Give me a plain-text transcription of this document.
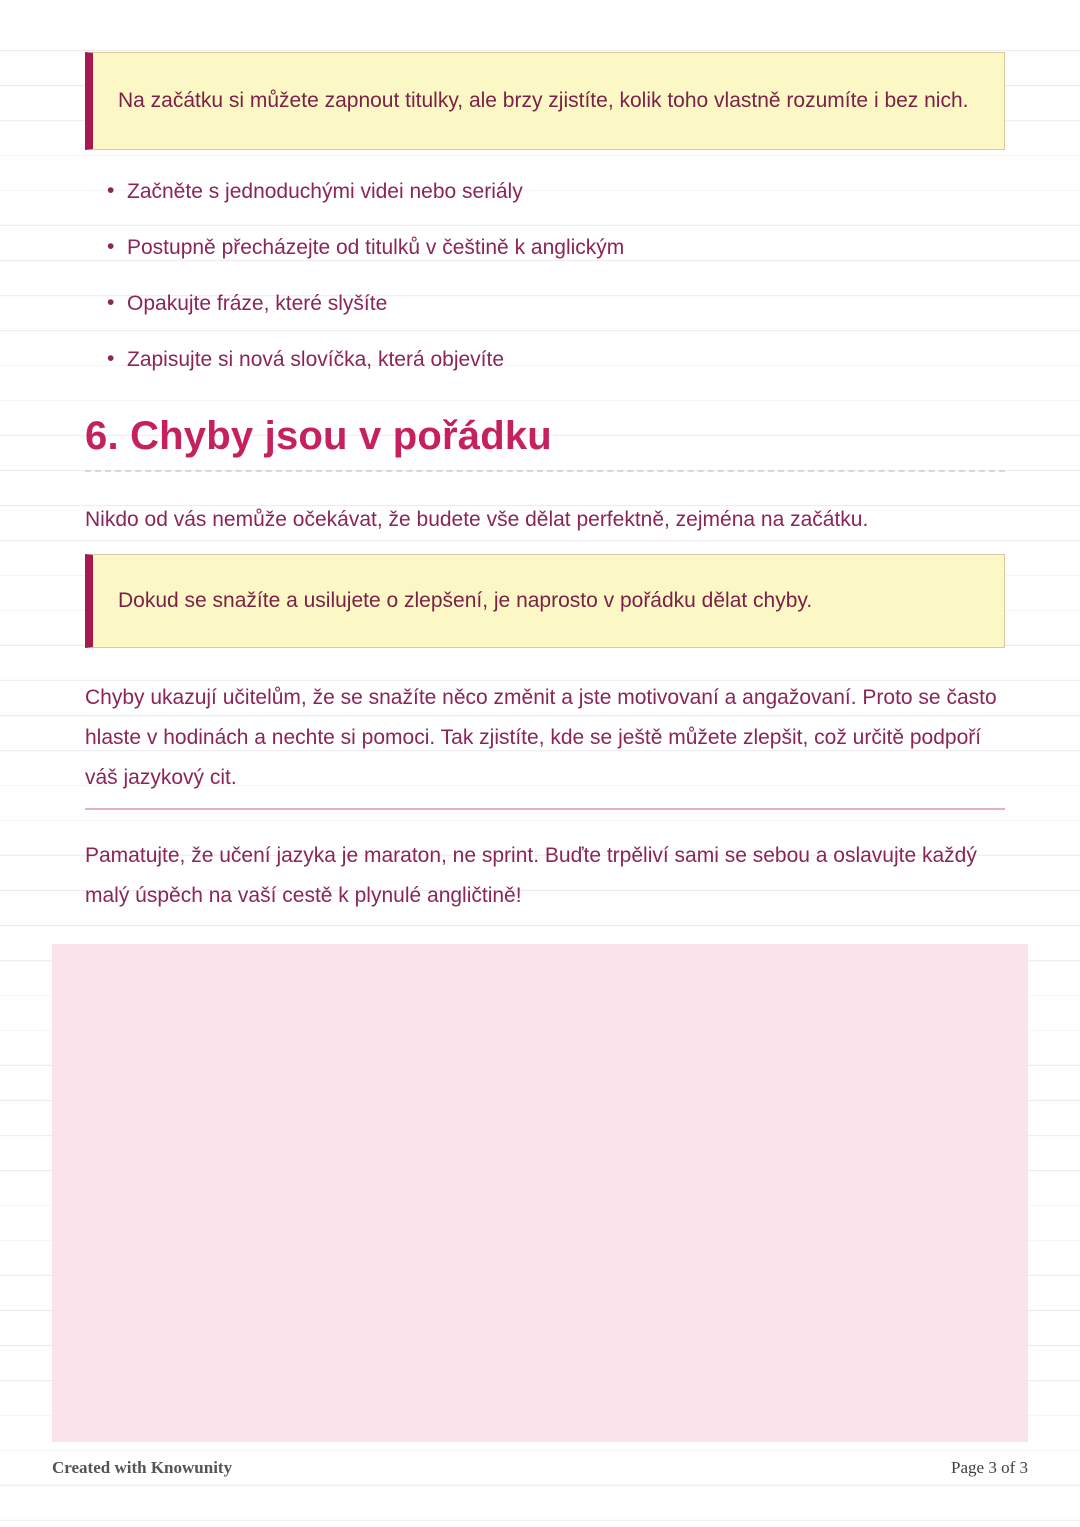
Na začátku si můžete zapnout titulky, ale brzy zjistíte, kolik toho vlastně rozumíte i bez nich.

• Začněte s jednoduchými videi nebo seriály
• Postupně přecházejte od titulků v češtině k anglickým
• Opakujte fráze, které slyšíte
• Zapisujte si nová slovíčka, která objevíte
6. Chyby jsou v pořádku

Nikdo od vás nemůže očekávat, že budete vše dělat perfektně, zejména na začátku.

Dokud se snažíte a usilujete o zlepšení, je naprosto v pořádku dělat chyby.

Chyby ukazují učitelům, že se snažíte něco změnit a jste motivovaní a angažovaní. Proto se často hlaste v hodinách a nechte si pomoci. Tak zjistíte, kde se ještě můžete zlepšit, což určitě podpoří váš jazykový cit.

Pamatujte, že učení jazyka je maraton, ne sprint. Buďte trpěliví sami se sebou a oslavujte každý malý úspěch na vaší cestě k plynulé angličtině!

Created with Knowunity	Page 3 of 3
